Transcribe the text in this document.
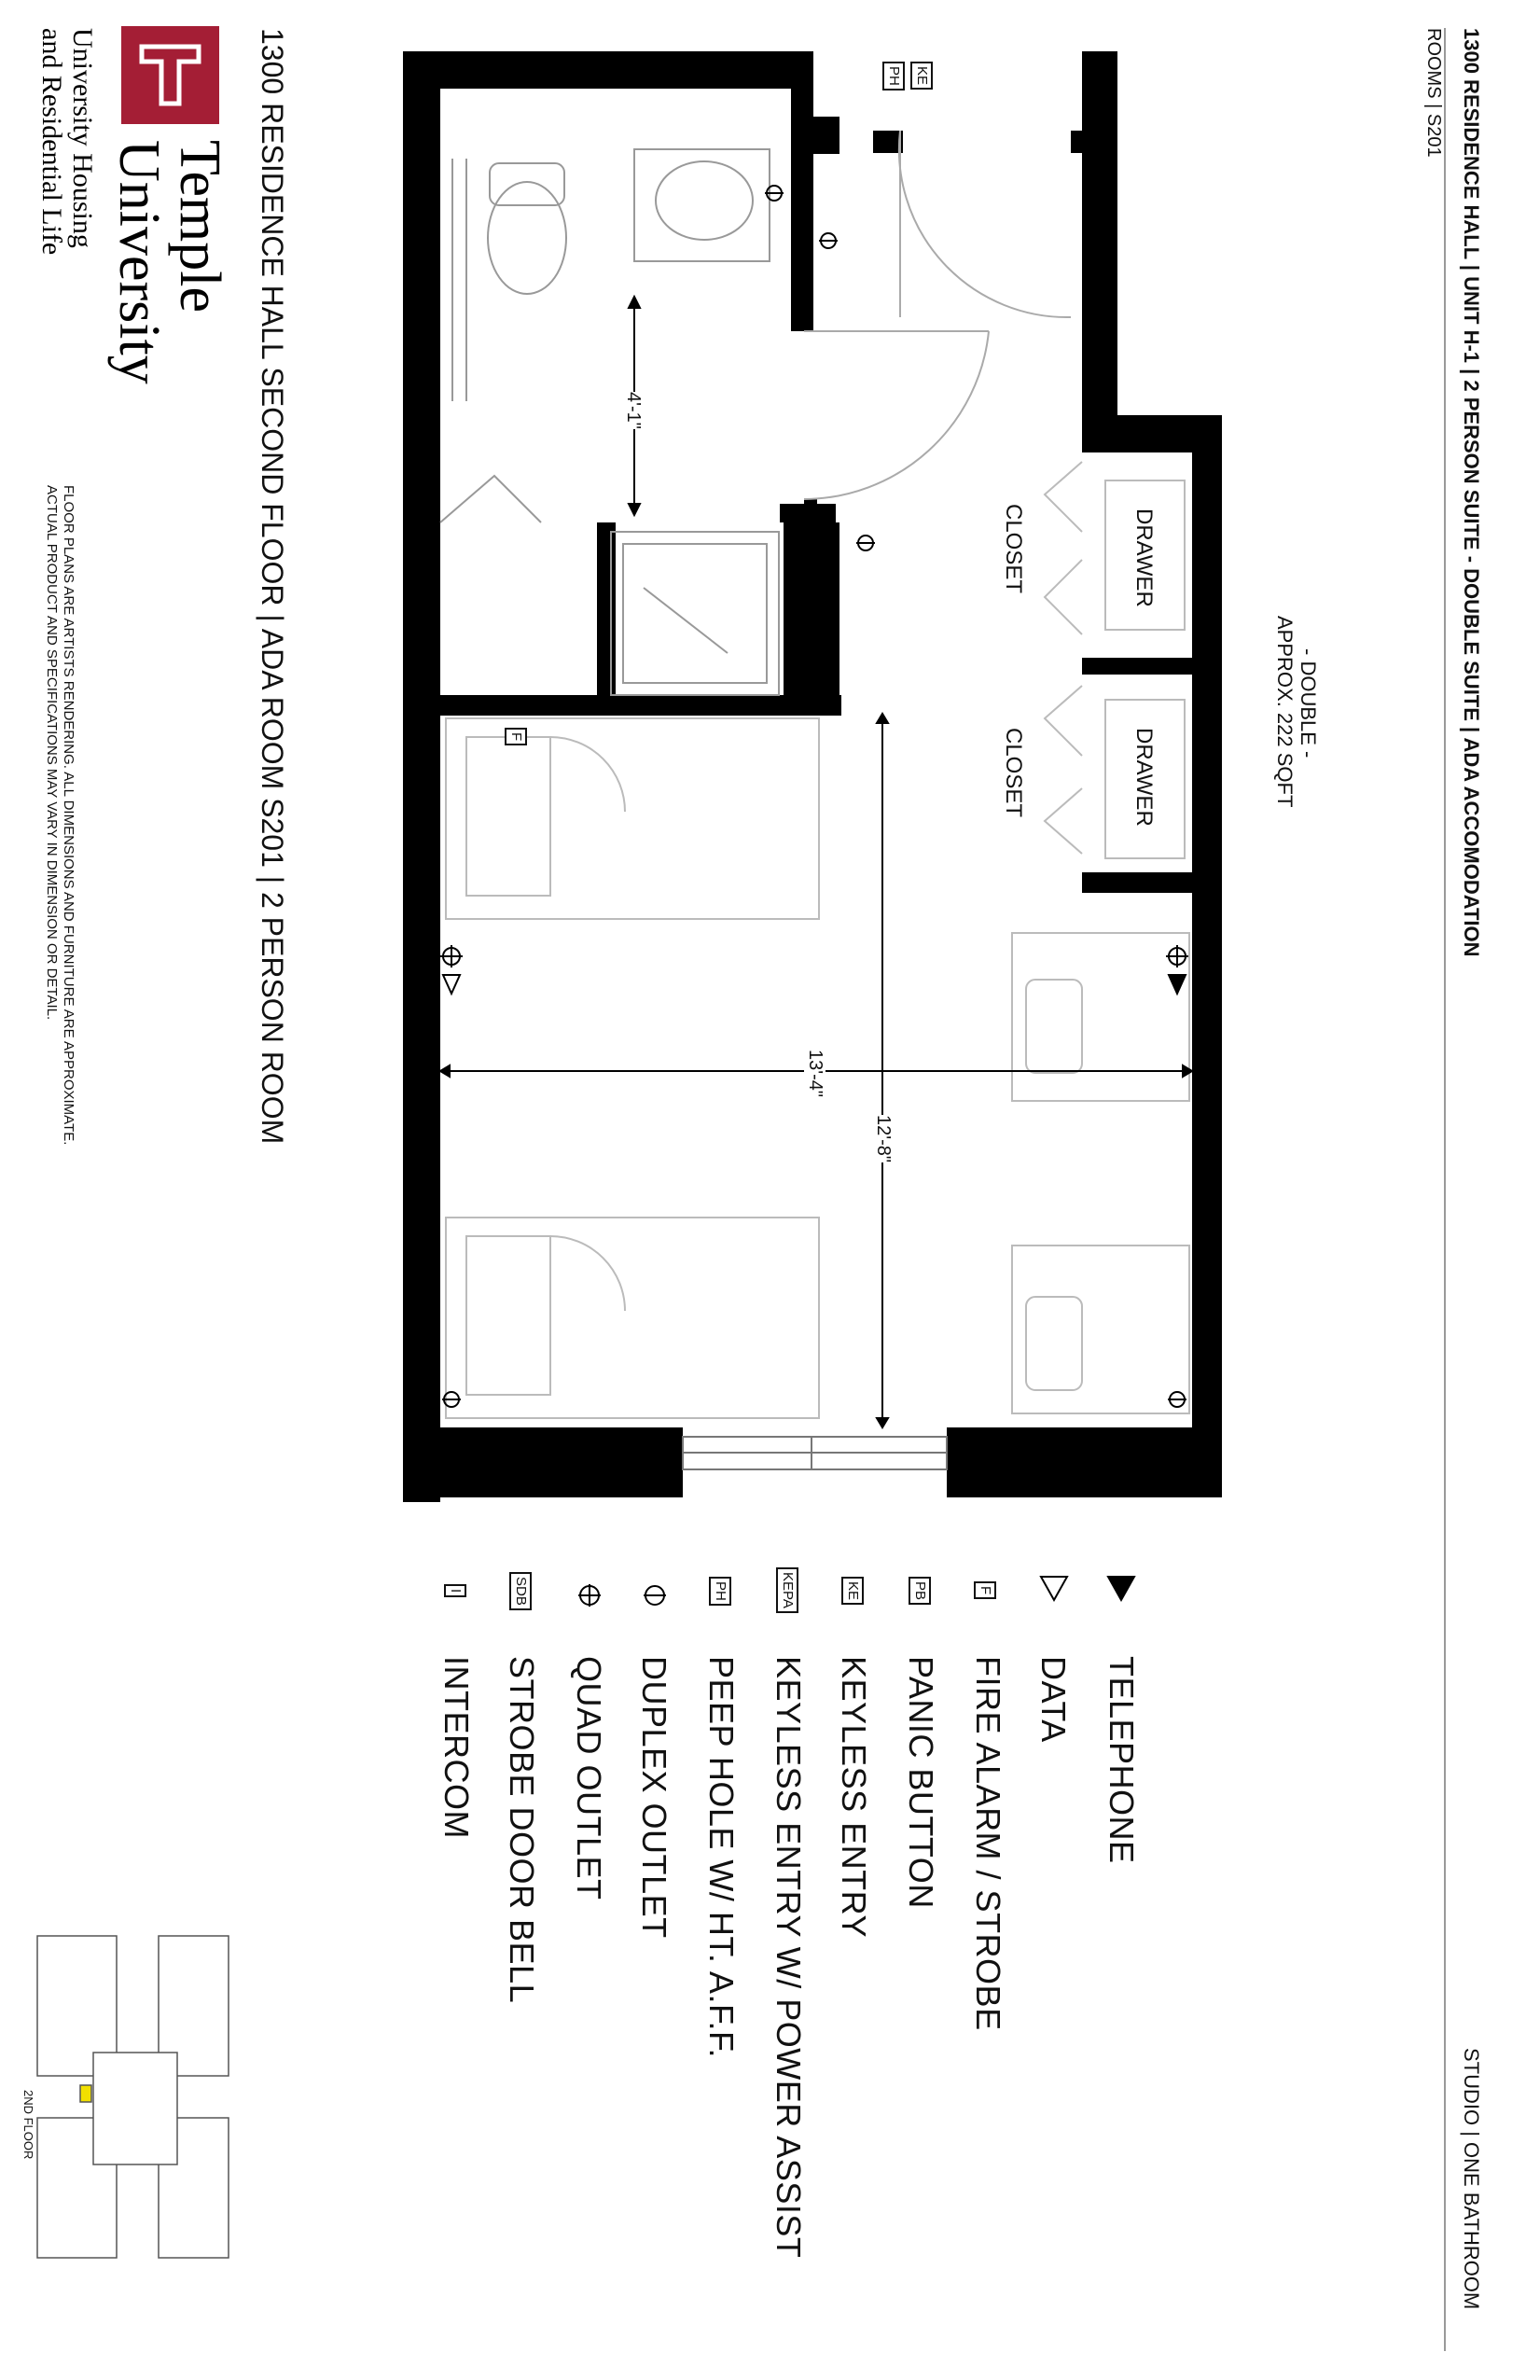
1300 RESIDENCE HALL | UNIT H-1 | 2 PERSON SUITE - DOUBLE SUITE | ADA ACCOMODATION
ROOMS | S201
STUDIO | ONE BATHROOM
- DOUBLE -
APPROX. 222 SQFT
CLOSET
CLOSET
DRAWER
DRAWER
4'-1"
13'-4"
12'-8"
KE
PH
F
TELEPHONE
DATA
FIRE ALARM / STROBE
PANIC BUTTON
KEYLESS ENTRY
KEYLESS ENTRY W/ POWER ASSIST
PEEP HOLE W/ HT. A.F.F.
DUPLEX OUTLET
QUAD OUTLET
STROBE DOOR BELL
INTERCOM
F
PB
KE
KEPA
PH
SDB
I
1300 RESIDENCE HALL SECOND FLOOR | ADA ROOM S201 | 2 PERSON ROOM
FLOOR PLANS ARE ARTISTS RENDERING. ALL DIMENSIONS AND FURNITURE ARE APPROXIMATE.
ACTUAL PRODUCT AND SPECIFICATIONS MAY VARY IN DIMENSION OR DETAIL.
2ND FLOOR
Temple
University
University Housing
and Residential Life
